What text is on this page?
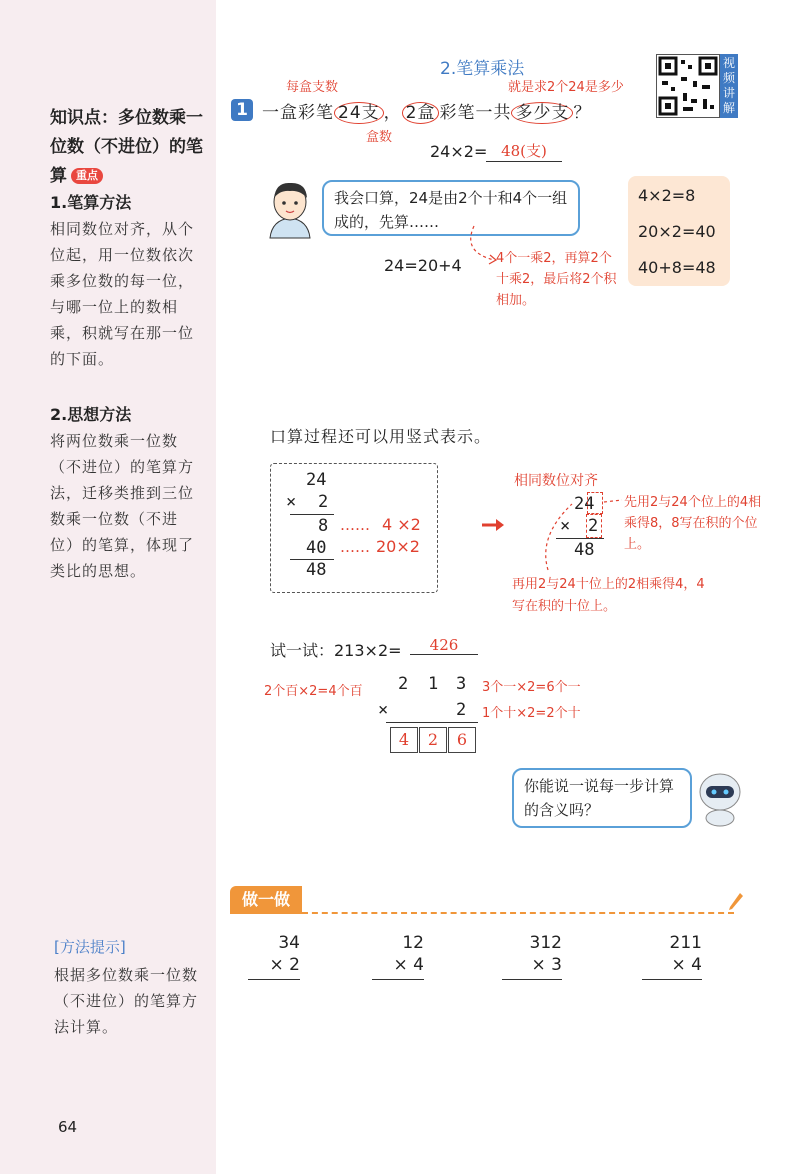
知识点：多位数乘一位数（不进位）的笔算 重点
1.笔算方法
相同数位对齐，从个位起，用一位数依次乘多位数的每一位，与哪一位上的数相乘，积就写在那一位的下面。
2.思想方法
将两位数乘一位数（不进位）的笔算方法，迁移类推到三位数乘一位数（不进位）的笔算，体现了类比的思想。
[方法提示]
根据多位数乘一位数（不进位）的笔算方法计算。
64
2.笔算乘法	视频讲解
每盒支数	就是求2个24是多少
1 一盒彩笔 24支 ， 2盒 彩笔一共 多少支 ？
盒数
24×2= 48(支)
我会口算，24是由2个十和4个一组成的，先算……
24=20+4	4个一乘2，再算2个十乘2，最后将2个积相加。
4×2=8
20×2=40
40+8=48
口算过程还可以用竖式表示。
24
× 2
8 …… 4 ×2
40 …… 20×2
48
相同数位对齐
24
× 2
48
先用2与24个位上的4相乘得8，8写在积的个位上。
再用2与24十位上的2相乘得4，4写在积的十位上。
试一试：213×2=	426
2个百×2=4个百 2 1 3 3个一×2=6个一
×	2 1个十×2=2个十
4	2	6
你能说一说每一步计算的含义吗？
做一做
34
× 2
12
× 4
312
× 3
211
× 4
